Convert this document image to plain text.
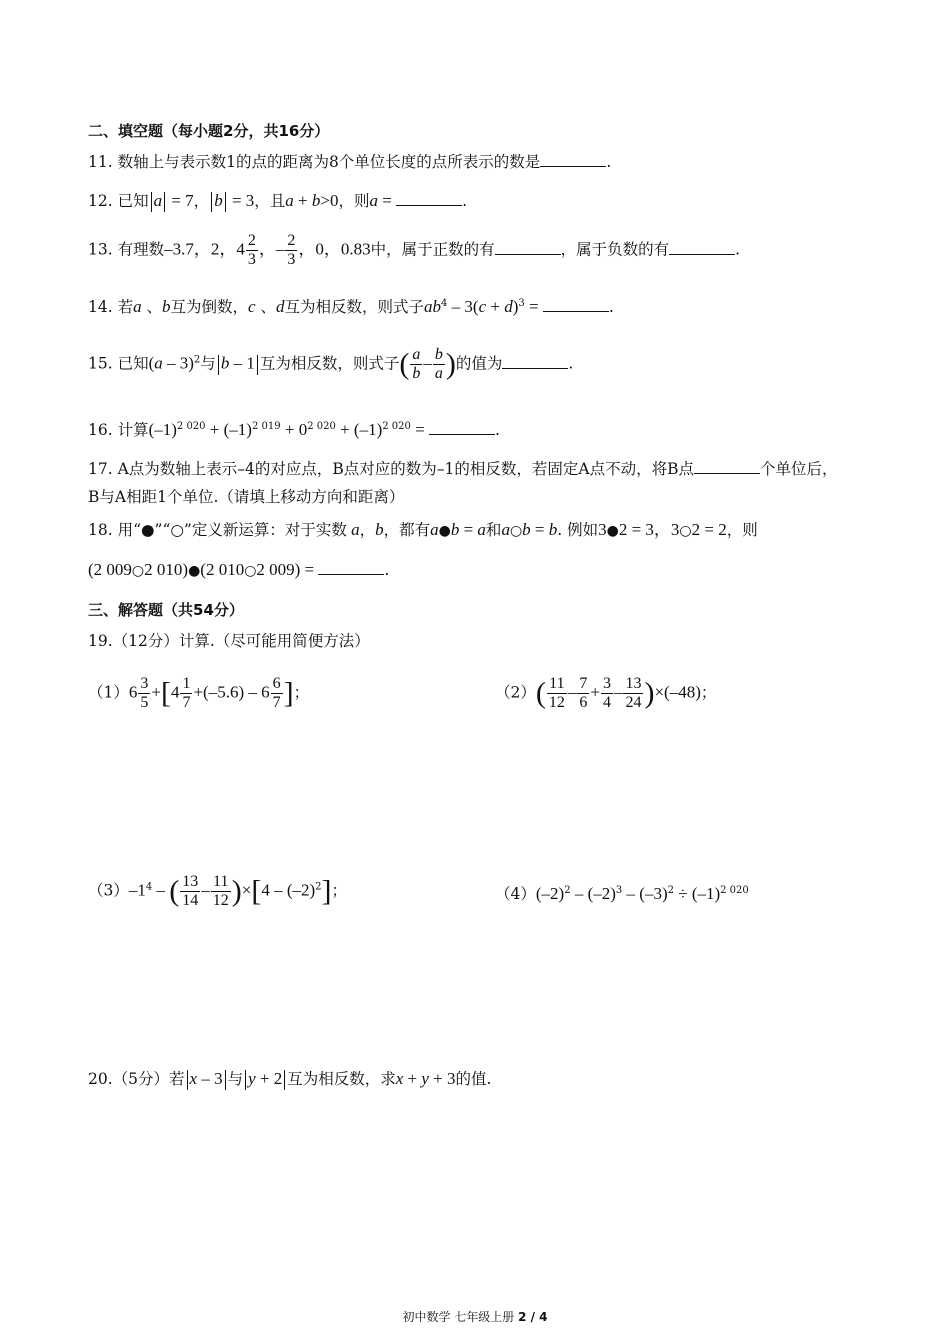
二、填空题（每小题2分，共16分）
11. 数轴上与表示数1的点的距离为8个单位长度的点所表示的数是	.
12. 已知 a = 7， b = 3，且a + b>0，则a =	.
13. 有理数–3.7，2，$4 \frac{2}{3}$ ，– $\frac{2}{3}$ ，0，0.83中，属于正数的有	，属于负数的有	.
14. 若a 、b互为倒数，c 、d互为相反数，则式子$ab^4 - 3(c + d)^3$ =	.
15. 已知(a – 3)$^2$与 b – 1 互为相反数，则式子( $\frac{a}{b} - \frac{b}{a}$ )的值为	.
16. 计算$(-1)^{2 020} + (-1)^{2 019} + 0^{2 020} + (-1)^{2 020}$ =	.
17. A点为数轴上表示–4的对应点，B点对应的数为–1的相反数，若固定A点不动，将B点	个单位后，
B与A相距1个单位.（请填上移动方向和距离）
18. 用“●”“○”定义新运算：对于实数 a，b，都有a●b = a和a○b = b. 例如3●2 = 3，3○2 = 2，则
(2 009○2 010)●(2 010○2 009) =	.
三、解答题（共54分）
19.（12分）计算.（尽可能用简便方法）
$(1)6 \frac{3}{5} +[4 \frac{1}{7} +(-5.6) - 6 \frac{6}{7}$ ]；	$(2)( \frac{11}{12} - \frac{7}{6} + \frac{3}{4} - \frac{13}{24} )\times(-48)$；
$(3)-1^4$ – ( $\frac{13}{14} - \frac{11}{12} )\times[4 - (-2)^2]$；	$(4)(-2)^2 - (-2)^3 - (-3)^2 \div (-1)^{2 020}$
20.（5分）若 x – 3 与 y + 2 互为相反数，求x + y + 3的值.
初中数学 七年级上册 2 / 4
